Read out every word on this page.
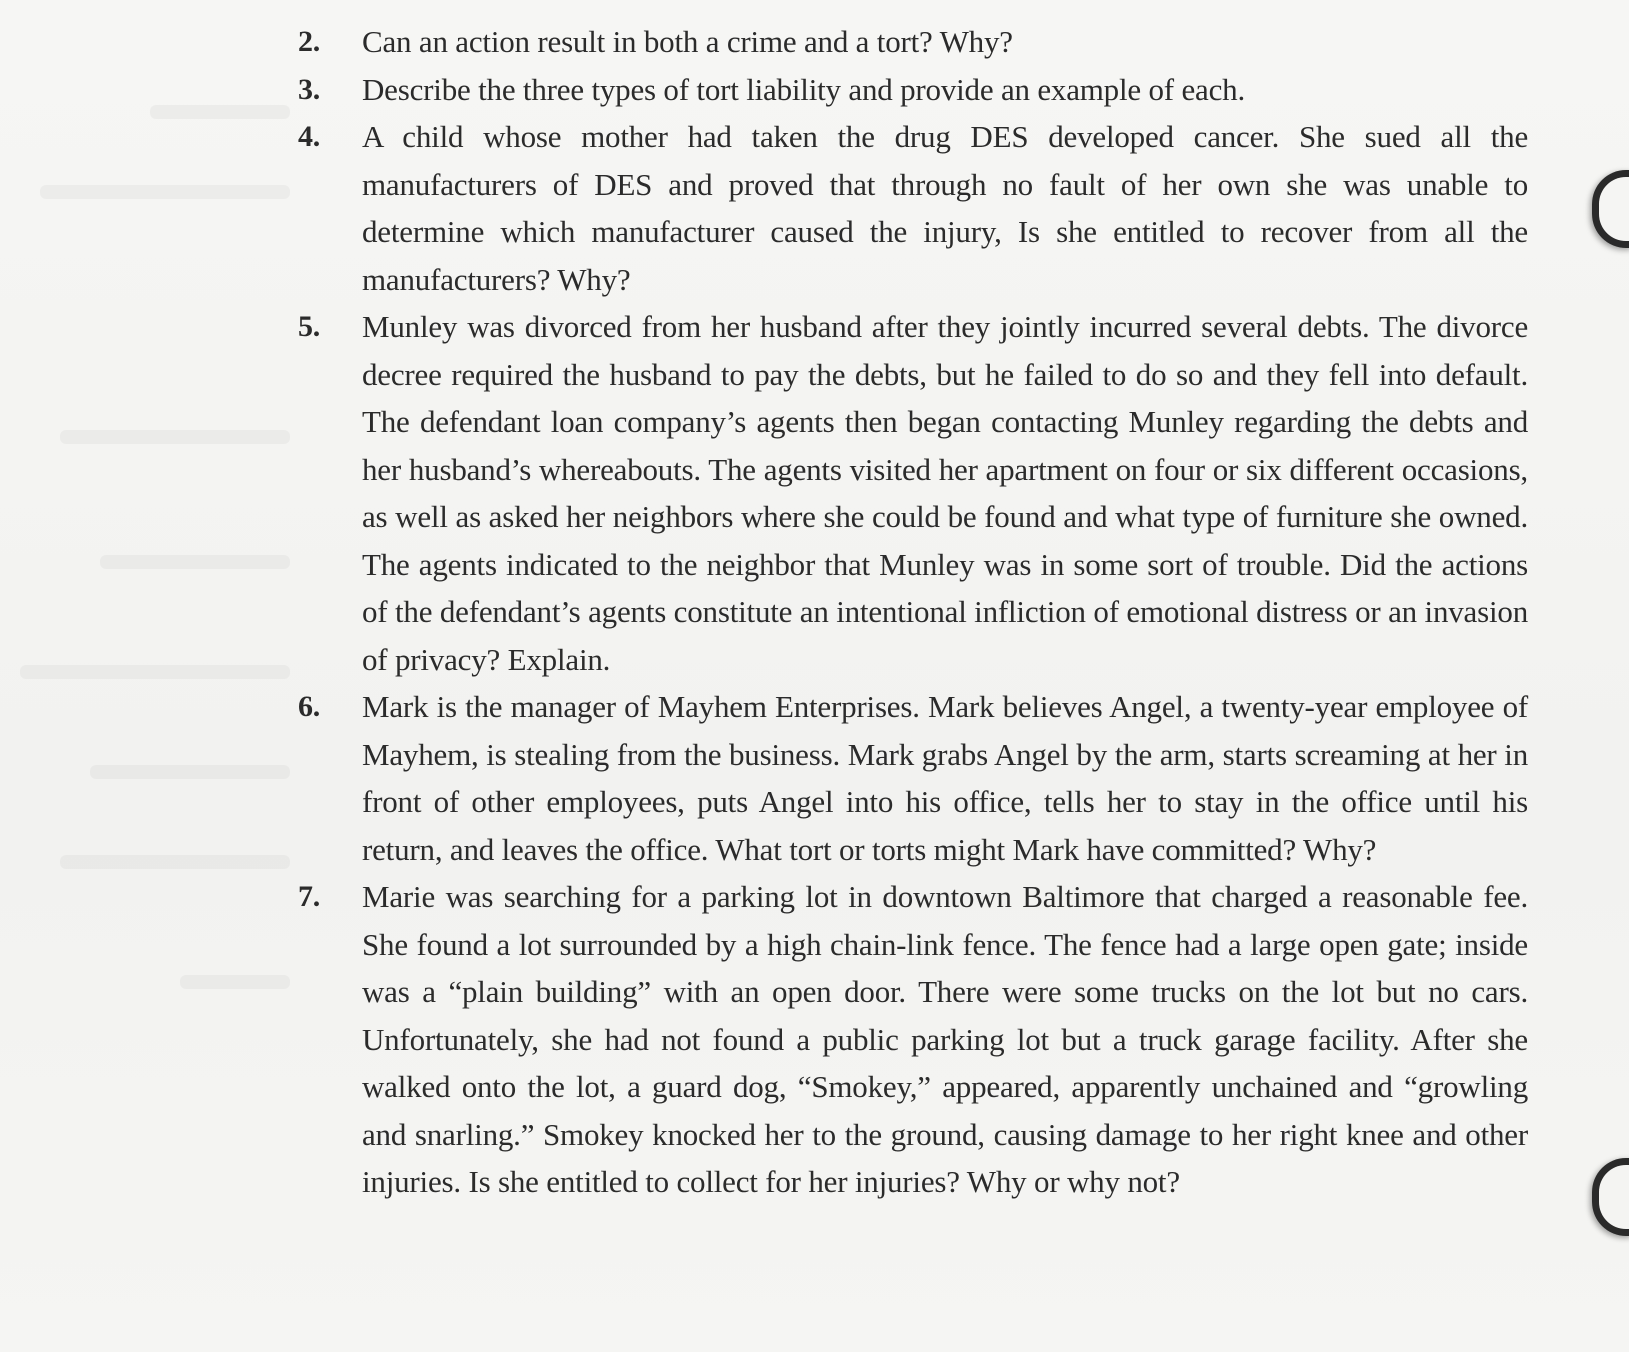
2.	Can an action result in both a crime and a tort? Why?
3.	Describe the three types of tort liability and provide an example of each.
4.	A child whose mother had taken the drug DES developed cancer. She sued all the manufacturers of DES and proved that through no fault of her own she was unable to determine which manufacturer caused the injury, Is she entitled to recover from all the manufacturers? Why?
5.	Munley was divorced from her husband after they jointly incurred several debts. The divorce decree required the husband to pay the debts, but he failed to do so and they fell into default. The defendant loan company’s agents then began contacting Munley regarding the debts and her husband’s whereabouts. The agents visited her apartment on four or six different occasions, as well as asked her neighbors where she could be found and what type of furniture she owned. The agents indicated to the neighbor that Munley was in some sort of trouble. Did the actions of the defendant’s agents constitute an intentional infliction of emotional distress or an invasion of privacy? Explain.
6.	Mark is the manager of Mayhem Enterprises. Mark believes Angel, a twenty-year employee of Mayhem, is stealing from the business. Mark grabs Angel by the arm, starts screaming at her in front of other employees, puts Angel into his office, tells her to stay in the office until his return, and leaves the office. What tort or torts might Mark have committed? Why?
7.	Marie was searching for a parking lot in downtown Baltimore that charged a reasonable fee. She found a lot surrounded by a high chain-link fence. The fence had a large open gate; inside was a “plain building” with an open door. There were some trucks on the lot but no cars. Unfortunately, she had not found a public parking lot but a truck garage facility. After she walked onto the lot, a guard dog, “Smokey,” appeared, apparently unchained and “growling and snarling.” Smokey knocked her to the ground, causing damage to her right knee and other injuries. Is she entitled to collect for her injuries? Why or why not?
